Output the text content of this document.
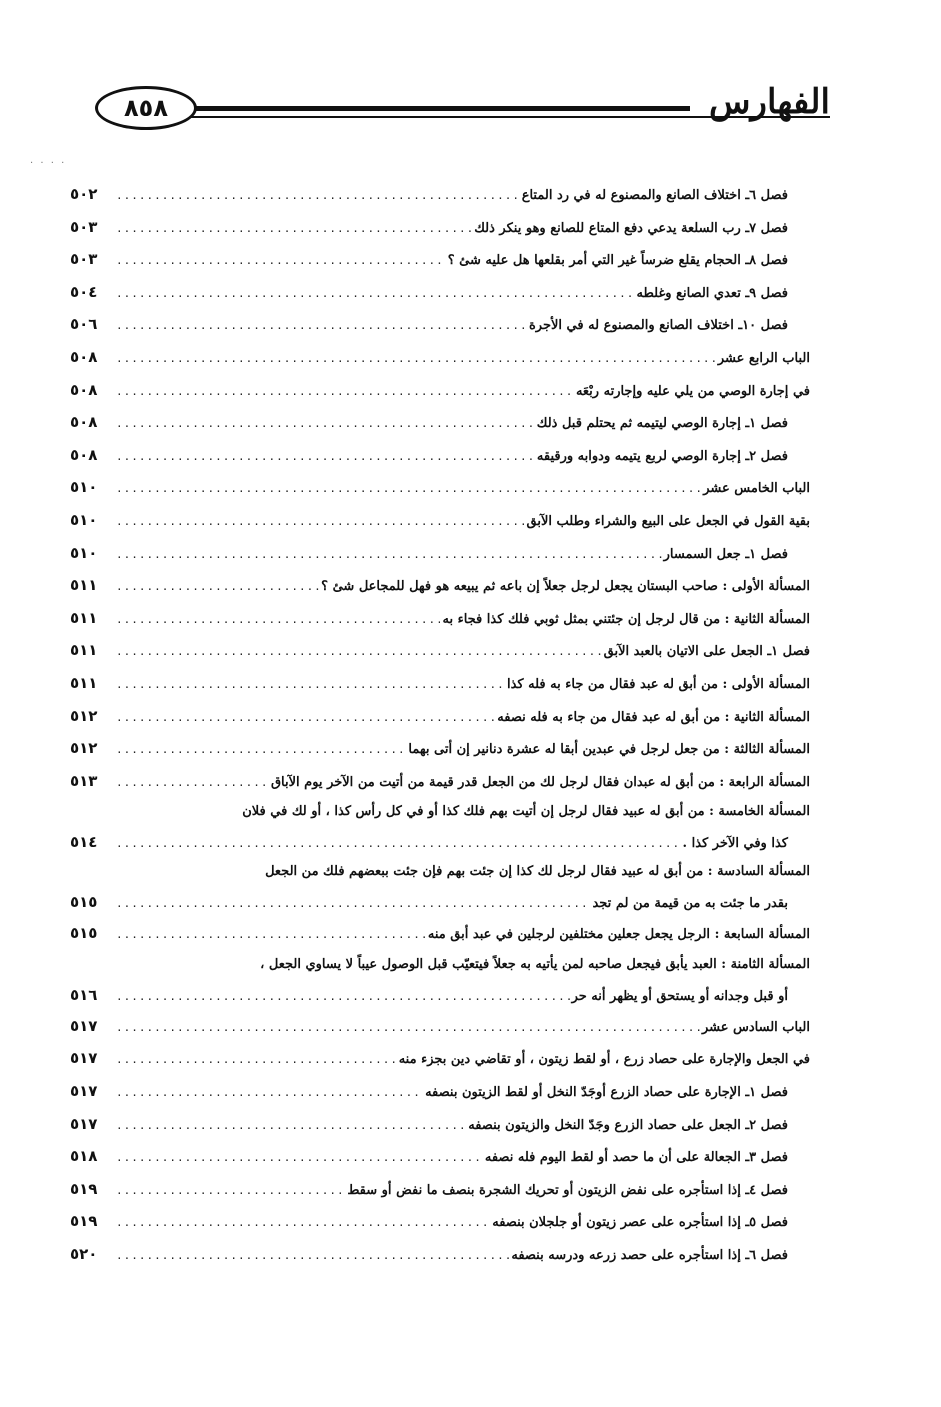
٨٥٨	الفهارس
. . . .
فصل ٦ـ اختلاف الصانع والمصنوع له في رد المتاع
.....
٥٠٢
فصل ٧ـ رب السلعة يدعي دفع المتاع للصانع وهو ينكر ذلك
.....
٥٠٣
فصل ٨ـ الحجام يقلع ضرساً غير التي أمر بقلعها هل عليه شئ ؟
.....
٥٠٣
فصل ٩ـ تعدي الصانع وغلطه
.....
٥٠٤
فصل ١٠ـ اختلاف الصانع والمصنوع له في الأجرة
.....
٥٠٦
الباب الرابع عشر
.....
٥٠٨
في إجارة الوصي من يلي عليه وإجارته ربْعَه
.....
٥٠٨
فصل ١ـ إجارة الوصي ليتيمه ثم يحتلم قبل ذلك
.....
٥٠٨
فصل ٢ـ إجارة الوصي لربع يتيمه ودوابه ورقيقه
.....
٥٠٨
الباب الخامس عشر
.....
٥١٠
بقية القول في الجعل على البيع والشراء وطلب الآبق
.....
٥١٠
فصل ١ـ جعل السمسار
.....
٥١٠
المسألة الأولى : صاحب البستان يجعل لرجل جعلاً إن باعه ثم يبيعه هو فهل للمجاعل شئ ؟
.....
٥١١
المسألة الثانية : من قال لرجل إن جئتني بمثل ثوبي فلك كذا فجاء به
.....
٥١١
فصل ١ـ الجعل على الاتيان بالعبد الآبق
.....
٥١١
المسألة الأولى : من أبق له عبد فقال من جاء به فله كذا
.....
٥١١
المسألة الثانية : من أبق له عبد فقال من جاء به فله نصفه
.....
٥١٢
المسألة الثالثة : من جعل لرجل في عبدين أبقا له عشرة دنانير إن أتى بهما
.....
٥١٢
المسألة الرابعة : من أبق له عبدان فقال لرجل لك من الجعل قدر قيمة من أتيت من الآخر يوم الآباق
.....
٥١٣
المسألة الخامسة : من أبق له عبيد فقال لرجل إن أتيت بهم فلك كذا أو في كل رأس كذا ، أو لك في فلان
كذا وفي الآخر كذا .
.....
٥١٤
المسألة السادسة : من أبق له عبيد فقال لرجل لك كذا إن جئت بهم فإن جئت ببعضهم فلك من الجعل
بقدر ما جئت به من قيمة من لم تجد
.....
٥١٥
المسألة السابعة : الرجل يجعل جعلين مختلفين لرجلين في عبد أبق منه
.....
٥١٥
المسألة الثامنة : العبد يأبق فيجعل صاحبه لمن يأتيه به جعلاً فيتعيّب قبل الوصول عيباً لا يساوي الجعل ،
أو قبل وجدانه أو يستحق أو يظهر أنه حر
.....
٥١٦
الباب السادس عشر
.....
٥١٧
في الجعل والإجارة على حصاد زرع ، أو لقط زيتون ، أو تقاضي دين بجزء منه
.....
٥١٧
فصل ١ـ الإجارة على حصاد الزرع أوجَدّ النخل أو لقط الزيتون بنصفه
.....
٥١٧
فصل ٢ـ الجعل على حصاد الزرع وجَدّ النخل والزيتون بنصفه
.....
٥١٧
فصل ٣ـ الجعالة على أن ما حصد أو لقط اليوم فله نصفه
.....
٥١٨
فصل ٤ـ إذا استأجره على نفض الزيتون أو تحريك الشجرة بنصف ما نفض أو سقط
.....
٥١٩
فصل ٥ـ إذا استأجره على عصر زيتون أو جلجلان بنصفه
.....
٥١٩
فصل ٦ـ إذا استأجره على حصد زرعه ودرسه بنصفه
.....
٥٢٠
